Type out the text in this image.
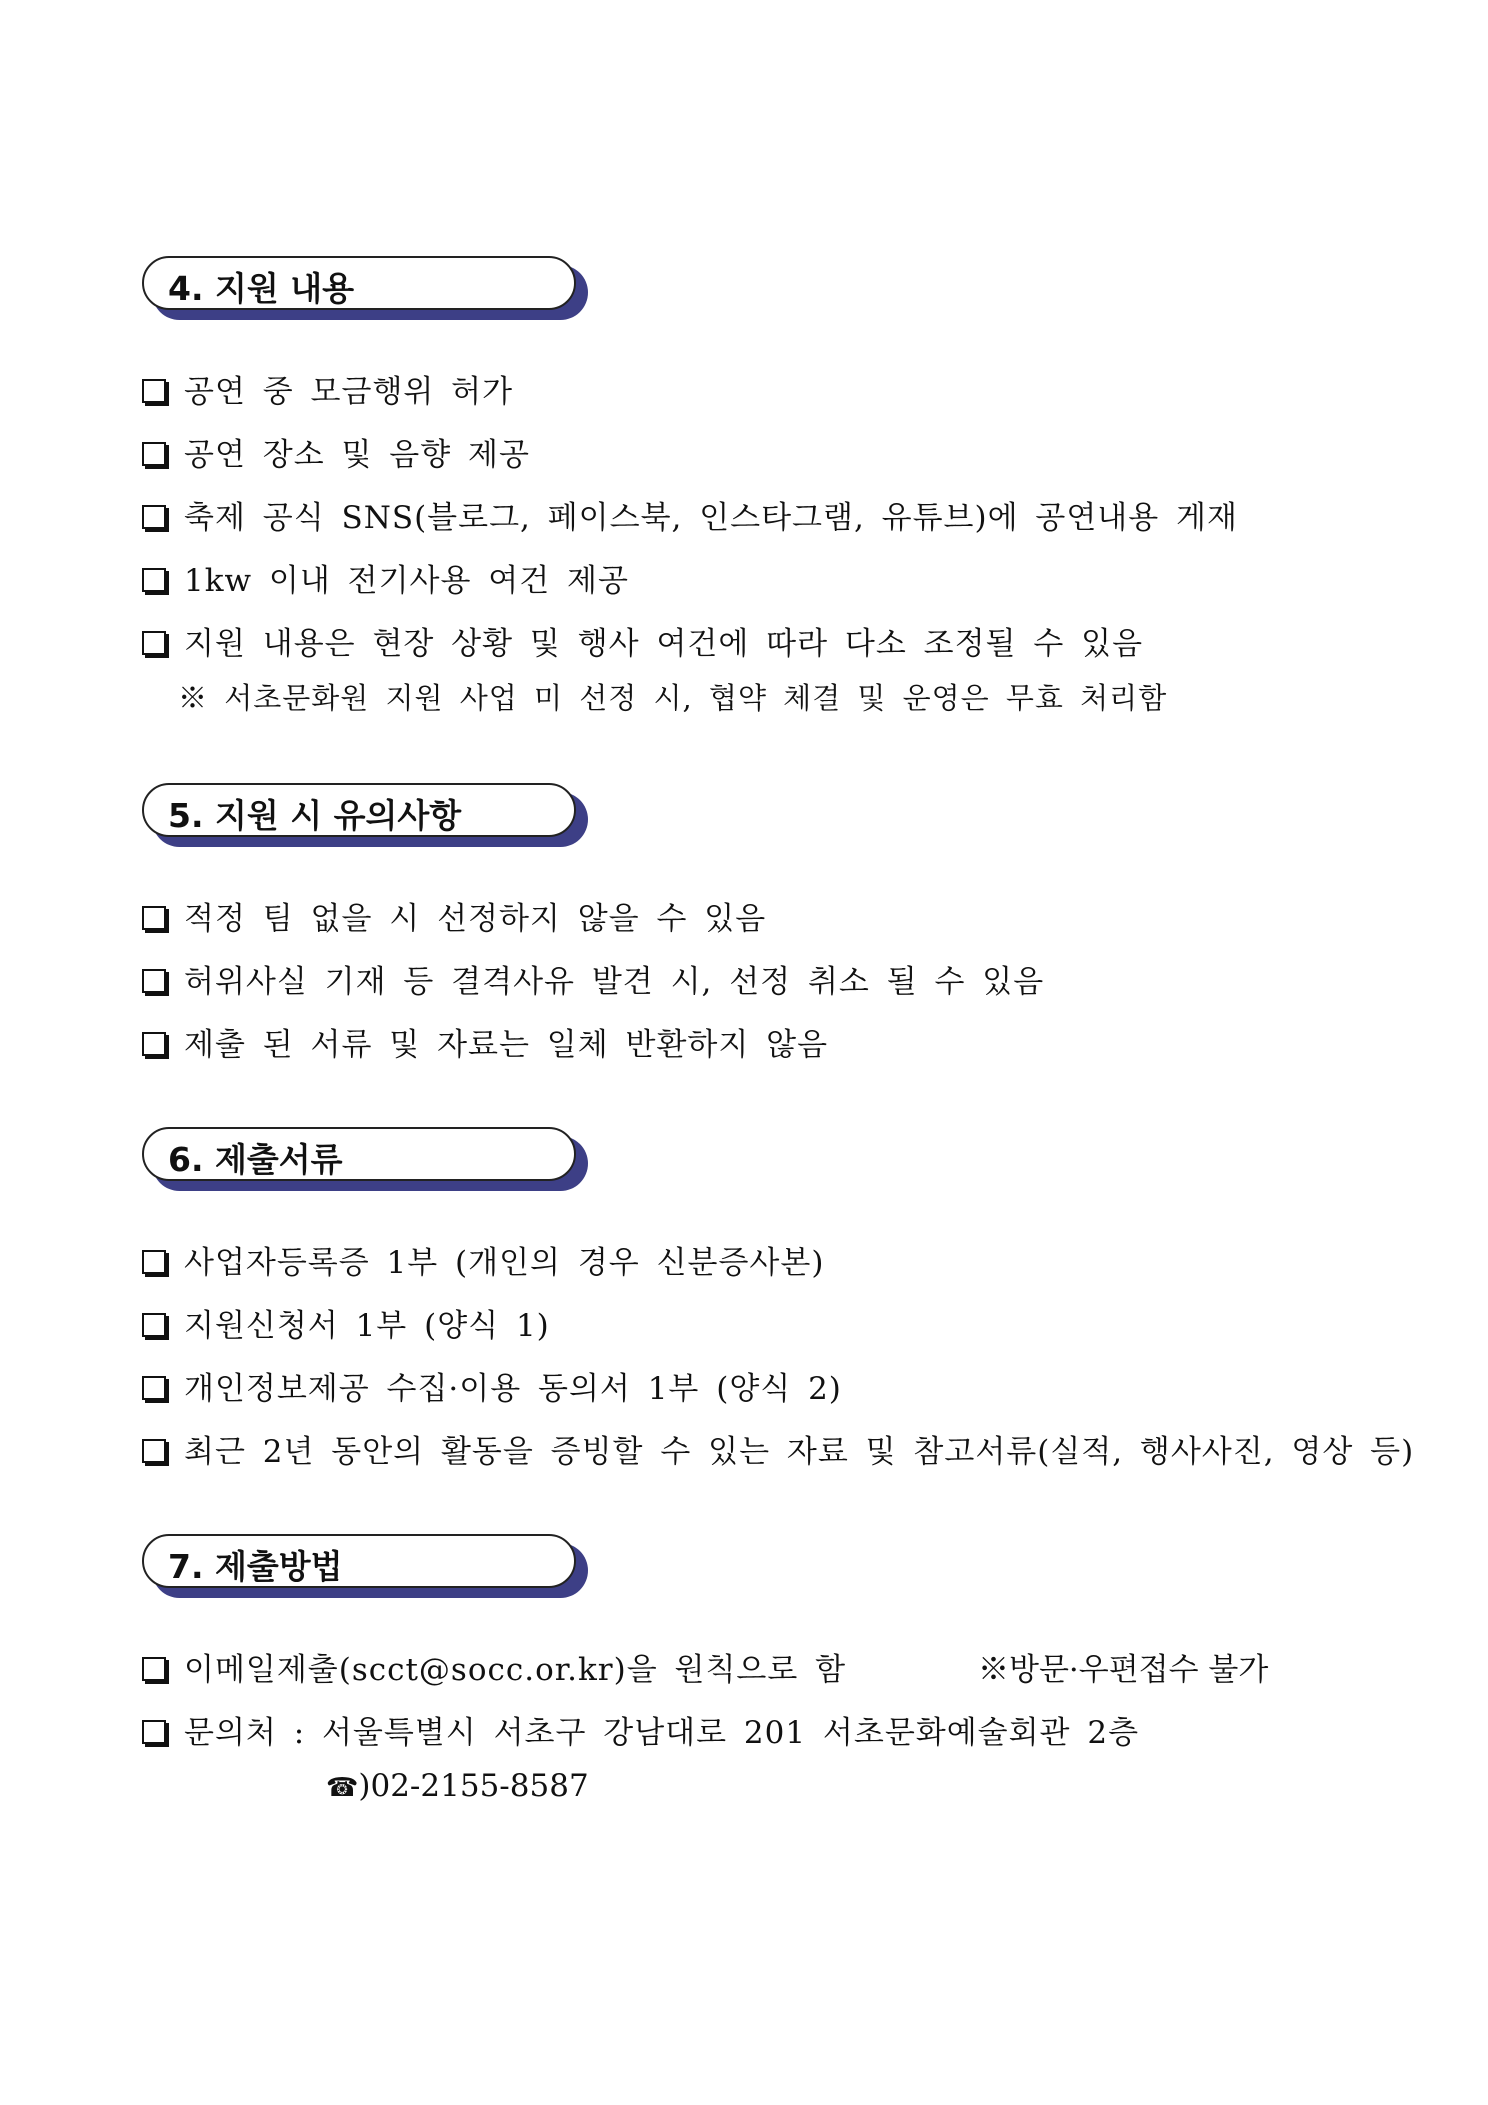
4. 지원 내용
공연 중 모금행위 허가
공연 장소 및 음향 제공
축제 공식 SNS(블로그, 페이스북, 인스타그램, 유튜브)에 공연내용 게재
1kw 이내 전기사용 여건 제공
지원 내용은 현장 상황 및 행사 여건에 따라 다소 조정될 수 있음
※ 서초문화원 지원 사업 미 선정 시, 협약 체결 및 운영은 무효 처리함
5. 지원 시 유의사항
적정 팀 없을 시 선정하지 않을 수 있음
허위사실 기재 등 결격사유 발견 시, 선정 취소 될 수 있음
제출 된 서류 및 자료는 일체 반환하지 않음
6. 제출서류
사업자등록증 1부 (개인의 경우 신분증사본)
지원신청서 1부 (양식 1)
개인정보제공 수집·이용 동의서 1부 (양식 2)
최근 2년 동안의 활동을 증빙할 수 있는 자료 및 참고서류(실적, 행사사진, 영상 등)
7. 제출방법
이메일제출(scct@socc.or.kr)을 원칙으로 함	※방문·우편접수 불가
문의처 : 서울특별시 서초구 강남대로 201 서초문화예술회관 2층
☎)02-2155-8587
